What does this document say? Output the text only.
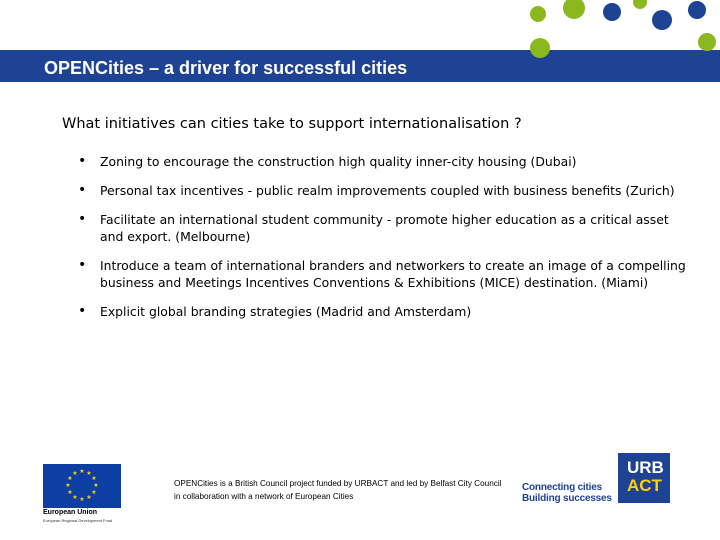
OPENCities – a driver for successful cities
What initiatives can cities take to support internationalisation ?
• Zoning to encourage the construction high quality inner-city housing (Dubai)
• Personal tax incentives - public realm improvements coupled with business benefits (Zurich)
• Facilitate an international student community - promote higher education as a critical asset and export. (Melbourne)
• Introduce a team of international branders and networkers to create an image of a compelling business and Meetings Incentives Conventions & Exhibitions (MICE) destination. (Miami)
• Explicit global branding strategies (Madrid and Amsterdam)
★ ★
★
★
★
★
★
★
★
★
★
★
European Union
European Regional Development Fund
OPENCities is a British Council project funded by URBACT and led by Belfast City Council in collaboration with a network of European Cities
Connecting cities
Building successes
URB
ACT
